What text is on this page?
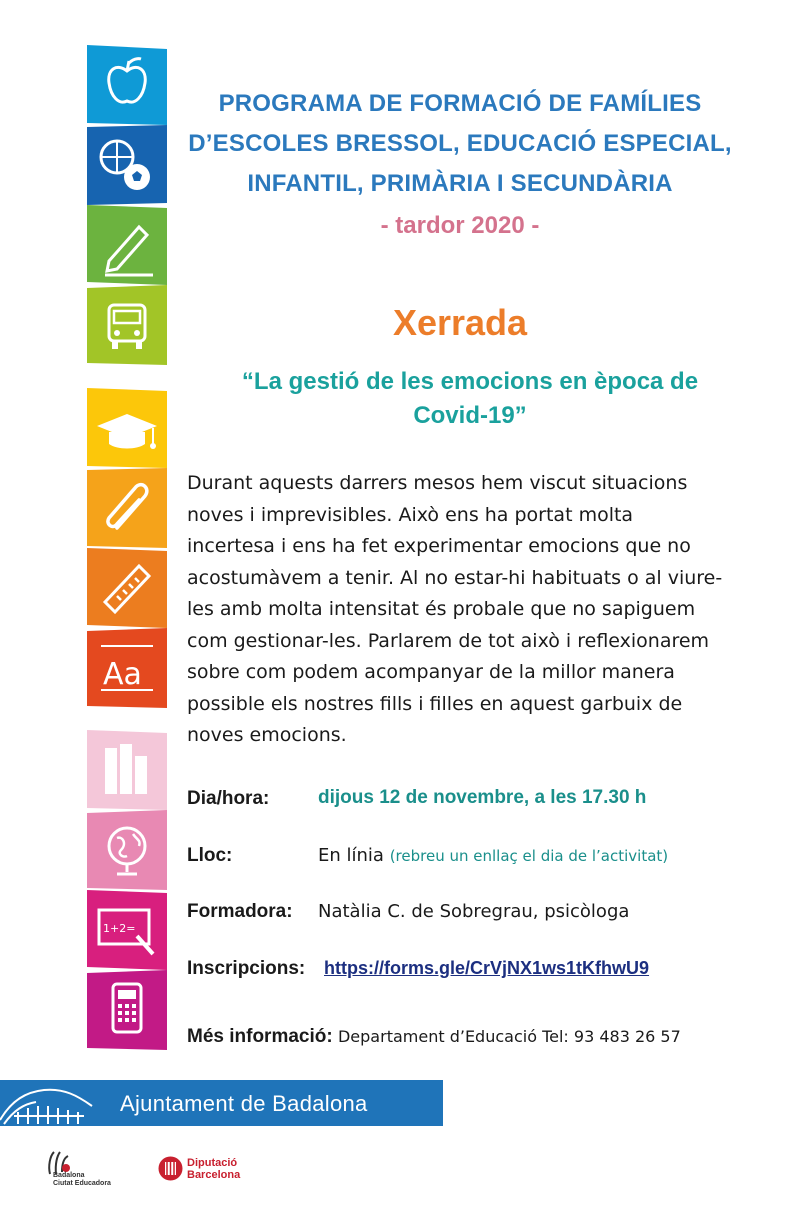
Aa
1+2=
PROGRAMA DE FORMACIÓ DE FAMÍLIES
D’ESCOLES BRESSOL, EDUCACIÓ ESPECIAL,
INFANTIL, PRIMÀRIA I SECUNDÀRIA
- tardor 2020 -
Xerrada
“La gestió de les emocions en època de
Covid-19”
Durant aquests darrers mesos hem viscut situacions
noves i imprevisibles. Això ens ha portat molta
incertesa i ens ha fet experimentar emocions que no
acostumàvem a tenir. Al no estar-hi habituats o al viure-
les amb molta intensitat és probale que no sapiguem
com gestionar-les. Parlarem de tot això i reflexionarem
sobre com podem acompanyar de la millor manera
possible els nostres fills i filles en aquest garbuix de
noves emocions.
Dia/hora:	dijous 12 de novembre, a les 17.30 h
Lloc:	En línia (rebreu un enllaç el dia de l’activitat)
Formadora: Natàlia C. de Sobregrau, psicòloga
Inscripcions: https://forms.gle/CrVjNX1ws1tKfhwU9
Més informació: Departament d’Educació Tel: 93 483 26 57
Ajuntament de Badalona
Badalona
Ciutat Educadora
Diputació
Barcelona
